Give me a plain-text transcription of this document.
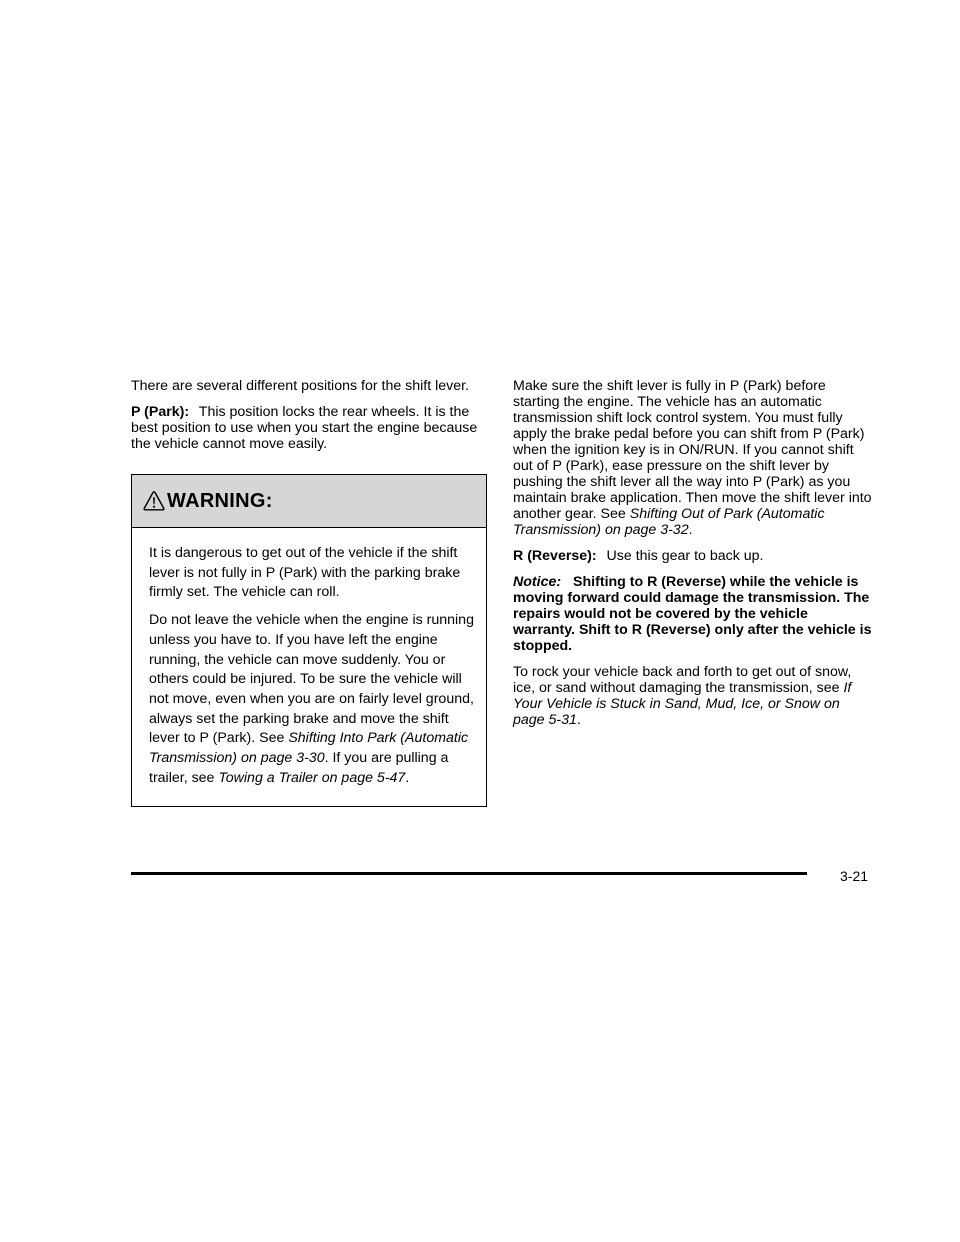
There are several different positions for the shift lever.

P (Park): This position locks the rear wheels. It is the best position to use when you start the engine because the vehicle cannot move easily.

WARNING:

It is dangerous to get out of the vehicle if the shift lever is not fully in P (Park) with the parking brake firmly set. The vehicle can roll.

Do not leave the vehicle when the engine is running unless you have to. If you have left the engine running, the vehicle can move suddenly. You or others could be injured. To be sure the vehicle will not move, even when you are on fairly level ground, always set the parking brake and move the shift lever to P (Park). See Shifting Into Park (Automatic Transmission) on page 3-30. If you are pulling a trailer, see Towing a Trailer on page 5-47.

Make sure the shift lever is fully in P (Park) before starting the engine. The vehicle has an automatic transmission shift lock control system. You must fully apply the brake pedal before you can shift from P (Park) when the ignition key is in ON/RUN. If you cannot shift out of P (Park), ease pressure on the shift lever by pushing the shift lever all the way into P (Park) as you maintain brake application. Then move the shift lever into another gear. See Shifting Out of Park (Automatic Transmission) on page 3-32.

R (Reverse): Use this gear to back up.

Notice: Shifting to R (Reverse) while the vehicle is moving forward could damage the transmission. The repairs would not be covered by the vehicle warranty. Shift to R (Reverse) only after the vehicle is stopped.

To rock your vehicle back and forth to get out of snow, ice, or sand without damaging the transmission, see If Your Vehicle is Stuck in Sand, Mud, Ice, or Snow on page 5-31.

3-21
